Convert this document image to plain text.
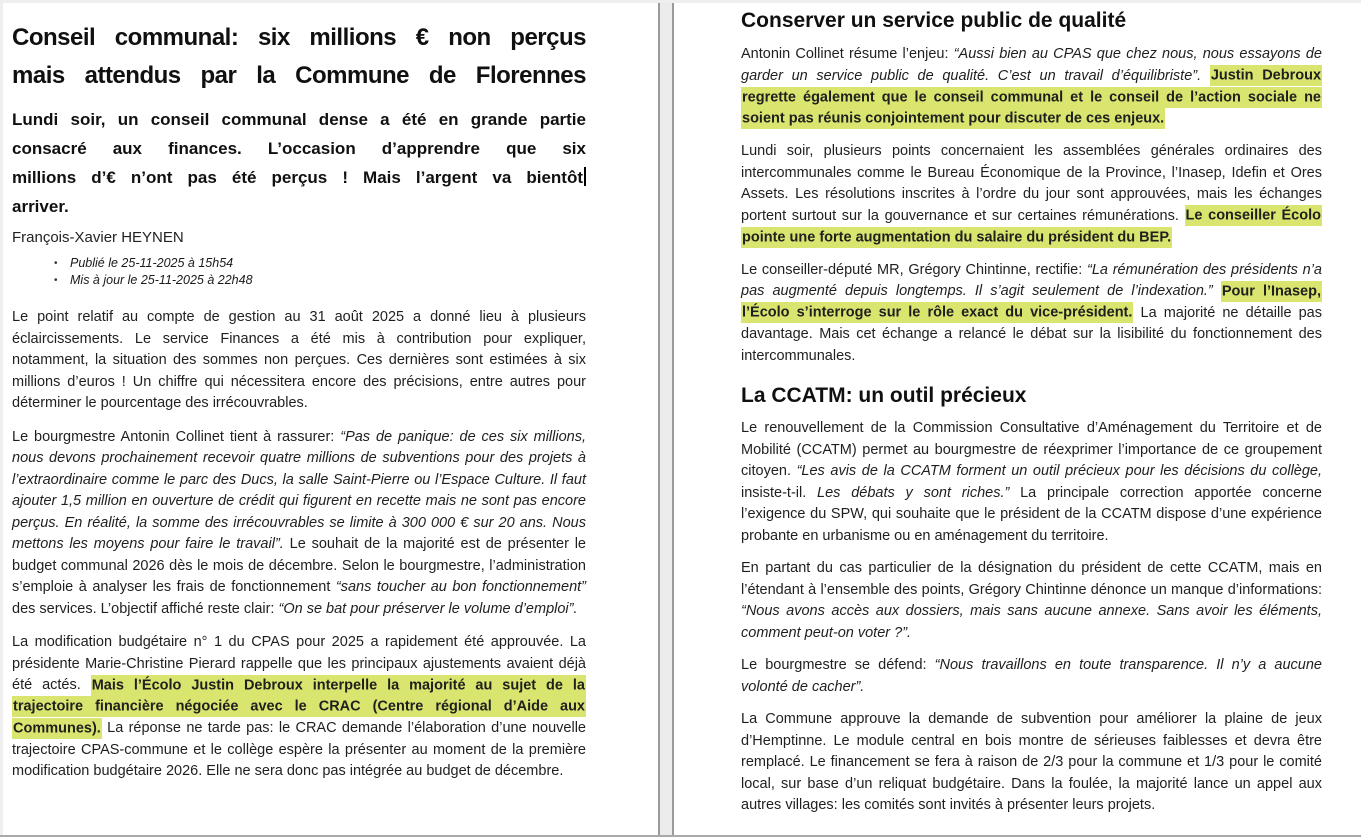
Conseil communal: six millions € non perçus
mais attendus par la Commune de Florennes
Lundi soir, un conseil communal dense a été en grande partie
consacré aux finances. L’occasion d’apprendre que six
millions d’€ n’ont pas été perçus ! Mais l’argent va bientôt
arriver.
François-Xavier HEYNEN
• Publié le 25-11-2025 à 15h54
• Mis à jour le 25-11-2025 à 22h48

Le point relatif au compte de gestion au 31 août 2025 a donné lieu à plusieurs éclaircissements. Le service Finances a été mis à contribution pour expliquer, notamment, la situation des sommes non perçues. Ces dernières sont estimées à six millions d’euros ! Un chiffre qui nécessitera encore des précisions, entre autres pour déterminer le pourcentage des irrécouvrables.

Le bourgmestre Antonin Collinet tient à rassurer: “Pas de panique: de ces six millions, nous devons prochainement recevoir quatre millions de subventions pour des projets à l’extraordinaire comme le parc des Ducs, la salle Saint-Pierre ou l’Espace Culture. Il faut ajouter 1,5 million en ouverture de crédit qui figurent en recette mais ne sont pas encore perçus. En réalité, la somme des irrécouvrables se limite à 300 000 € sur 20 ans. Nous mettons les moyens pour faire le travail”. Le souhait de la majorité est de présenter le budget communal 2026 dès le mois de décembre. Selon le bourgmestre, l’administration s’emploie à analyser les frais de fonctionnement “sans toucher au bon fonctionnement” des services. L’objectif affiché reste clair: “On se bat pour préserver le volume d’emploi”.

La modification budgétaire n° 1 du CPAS pour 2025 a rapidement été approuvée. La présidente Marie-Christine Pierard rappelle que les principaux ajustements avaient déjà été actés. Mais l’Écolo Justin Debroux interpelle la majorité au sujet de la trajectoire financière négociée avec le CRAC (Centre régional d’Aide aux Communes). La réponse ne tarde pas: le CRAC demande l’élaboration d’une nouvelle trajectoire CPAS-commune et le collège espère la présenter au moment de la première modification budgétaire 2026. Elle ne sera donc pas intégrée au budget de décembre.

Conserver un service public de qualité

Antonin Collinet résume l’enjeu: “Aussi bien au CPAS que chez nous, nous essayons de garder un service public de qualité. C’est un travail d’équilibriste”. Justin Debroux regrette également que le conseil communal et le conseil de l’action sociale ne soient pas réunis conjointement pour discuter de ces enjeux.

Lundi soir, plusieurs points concernaient les assemblées générales ordinaires des intercommunales comme le Bureau Économique de la Province, l’Inasep, Idefin et Ores Assets. Les résolutions inscrites à l’ordre du jour sont approuvées, mais les échanges portent surtout sur la gouvernance et sur certaines rémunérations. Le conseiller Écolo pointe une forte augmentation du salaire du président du BEP.

Le conseiller-député MR, Grégory Chintinne, rectifie: “La rémunération des présidents n’a pas augmenté depuis longtemps. Il s’agit seulement de l’indexation.” Pour l’Inasep, l’Écolo s’interroge sur le rôle exact du vice-président. La majorité ne détaille pas davantage. Mais cet échange a relancé le débat sur la lisibilité du fonctionnement des intercommunales.

La CCATM: un outil précieux

Le renouvellement de la Commission Consultative d’Aménagement du Territoire et de Mobilité (CCATM) permet au bourgmestre de réexprimer l’importance de ce groupement citoyen. “Les avis de la CCATM forment un outil précieux pour les décisions du collège, insiste-t-il. Les débats y sont riches.” La principale correction apportée concerne l’exigence du SPW, qui souhaite que le président de la CCATM dispose d’une expérience probante en urbanisme ou en aménagement du territoire.

En partant du cas particulier de la désignation du président de cette CCATM, mais en l’étendant à l’ensemble des points, Grégory Chintinne dénonce un manque d’informations: “Nous avons accès aux dossiers, mais sans aucune annexe. Sans avoir les éléments, comment peut-on voter ?”.

Le bourgmestre se défend: “Nous travaillons en toute transparence. Il n’y a aucune volonté de cacher”.

La Commune approuve la demande de subvention pour améliorer la plaine de jeux d’Hemptinne. Le module central en bois montre de sérieuses faiblesses et devra être remplacé. Le financement se fera à raison de 2/3 pour la commune et 1/3 pour le comité local, sur base d’un reliquat budgétaire. Dans la foulée, la majorité lance un appel aux autres villages: les comités sont invités à présenter leurs projets.
